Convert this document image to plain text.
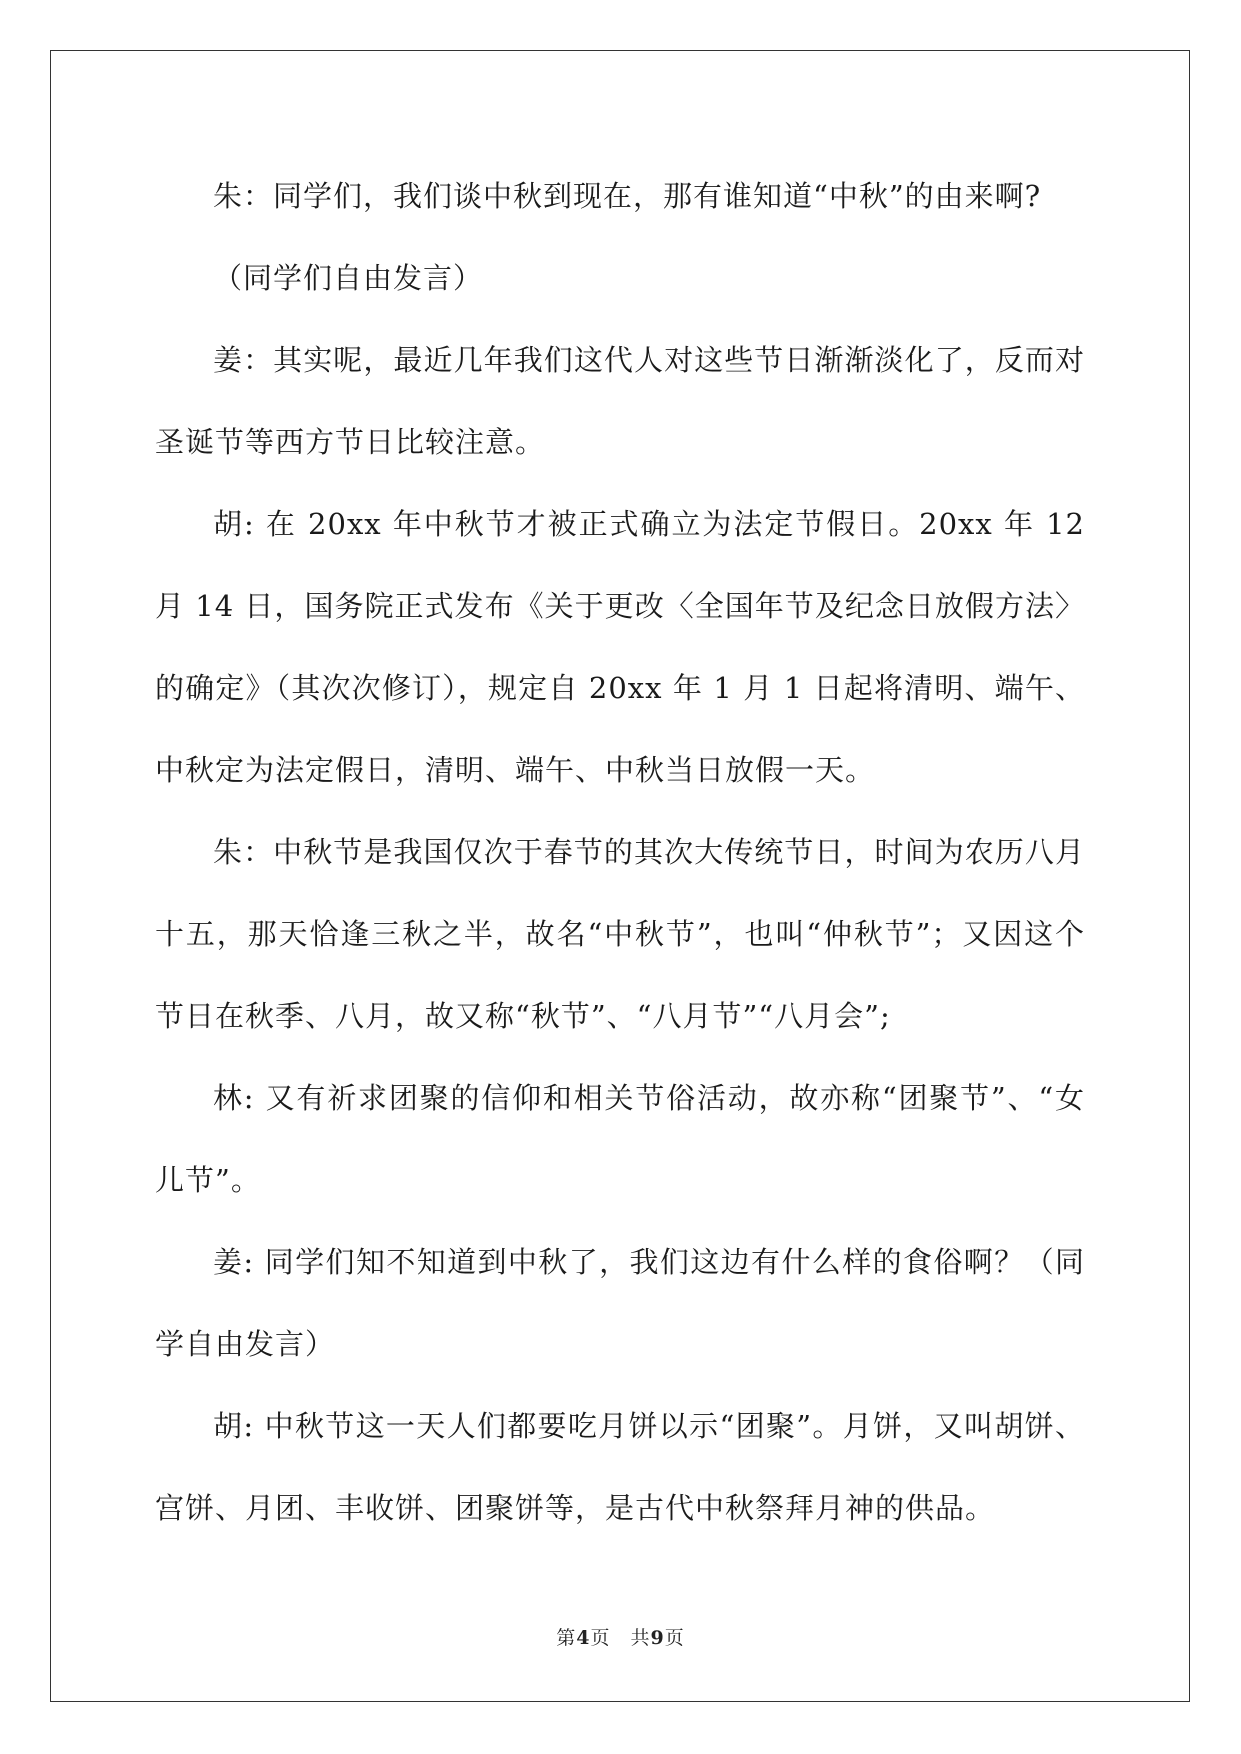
朱：同学们，我们谈中秋到现在，那有谁知道“中秋”的由来啊?

（同学们自由发言）

姜：其实呢，最近几年我们这代人对这些节日渐渐淡化了，反而对圣诞节等西方节日比较注意。

胡: 在 20xx 年中秋节才被正式确立为法定节假日。20xx 年 12 月 14 日，国务院正式发布《关于更改〈全国年节及纪念日放假方法〉的确定》（其次次修订），规定自 20xx 年 1 月 1 日起将清明、端午、中秋定为法定假日，清明、端午、中秋当日放假一天。

朱：中秋节是我国仅次于春节的其次大传统节日，时间为农历八月十五，那天恰逢三秋之半，故名“中秋节”，也叫“仲秋节”；又因这个节日在秋季、八月，故又称“秋节”、“八月节”“八月会”;

林: 又有祈求团聚的信仰和相关节俗活动，故亦称“团聚节”、“女儿节”。

姜: 同学们知不知道到中秋了，我们这边有什么样的食俗啊？（同学自由发言）

胡: 中秋节这一天人们都要吃月饼以示“团聚”。月饼，又叫胡饼、宫饼、月团、丰收饼、团聚饼等，是古代中秋祭拜月神的供品。

第4页　共9页
